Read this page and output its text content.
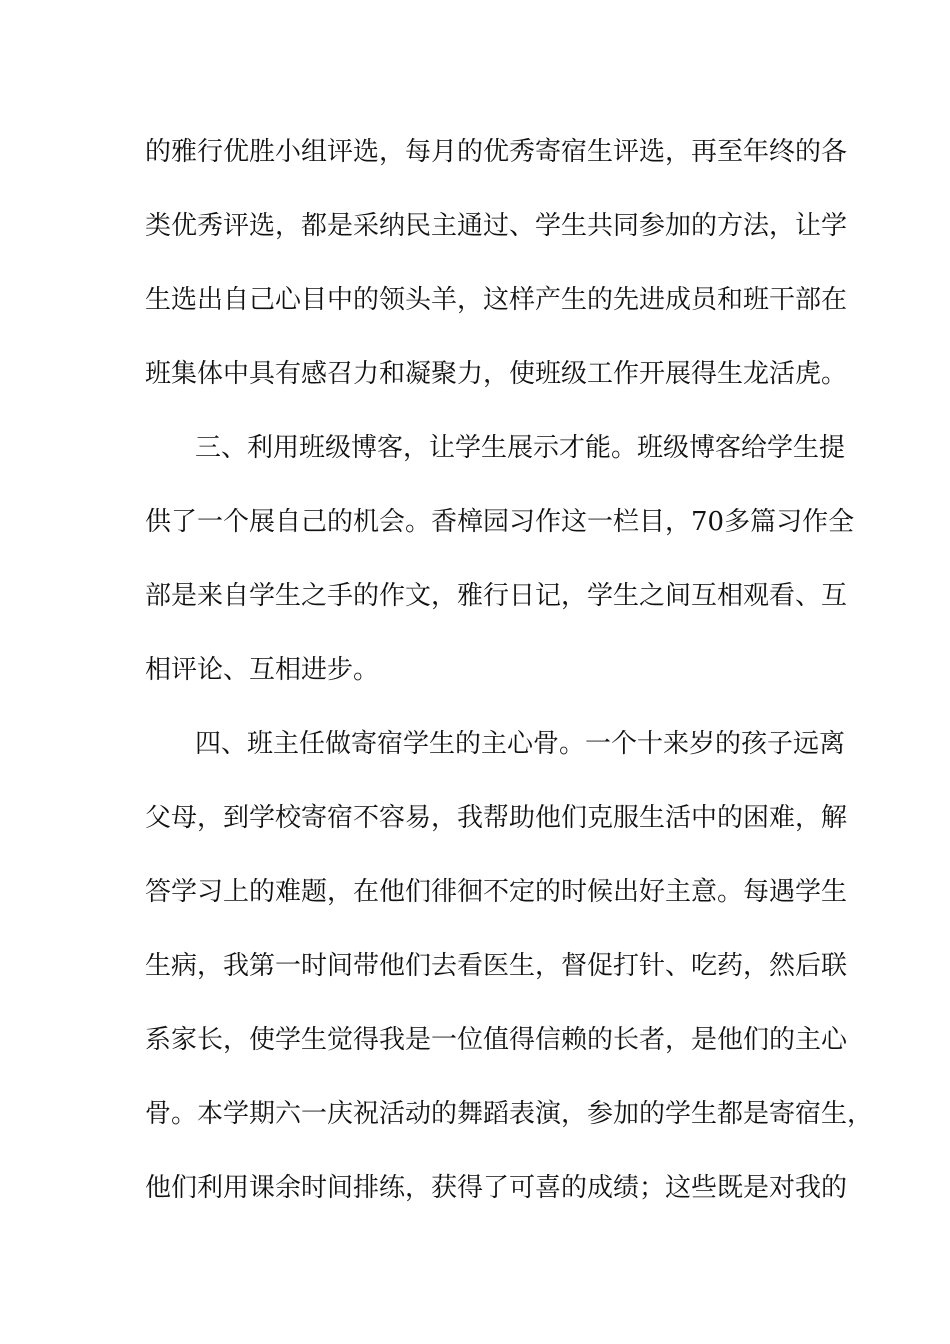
的雅行优胜小组评选，每月的优秀寄宿生评选，再至年终的各

类优秀评选，都是采纳民主通过、学生共同参加的方法，让学

生选出自己心目中的领头羊，这样产生的先进成员和班干部在

班集体中具有感召力和凝聚力，使班级工作开展得生龙活虎。

三、利用班级博客，让学生展示才能。班级博客给学生提

供了一个展自己的机会。香樟园习作这一栏目，70多篇习作全

部是来自学生之手的作文，雅行日记，学生之间互相观看、互

相评论、互相进步。

四、班主任做寄宿学生的主心骨。一个十来岁的孩子远离

父母，到学校寄宿不容易，我帮助他们克服生活中的困难，解

答学习上的难题，在他们徘徊不定的时候出好主意。每遇学生

生病，我第一时间带他们去看医生，督促打针、吃药，然后联

系家长，使学生觉得我是一位值得信赖的长者，是他们的主心

骨。本学期六一庆祝活动的舞蹈表演，参加的学生都是寄宿生，

他们利用课余时间排练，获得了可喜的成绩；这些既是对我的
